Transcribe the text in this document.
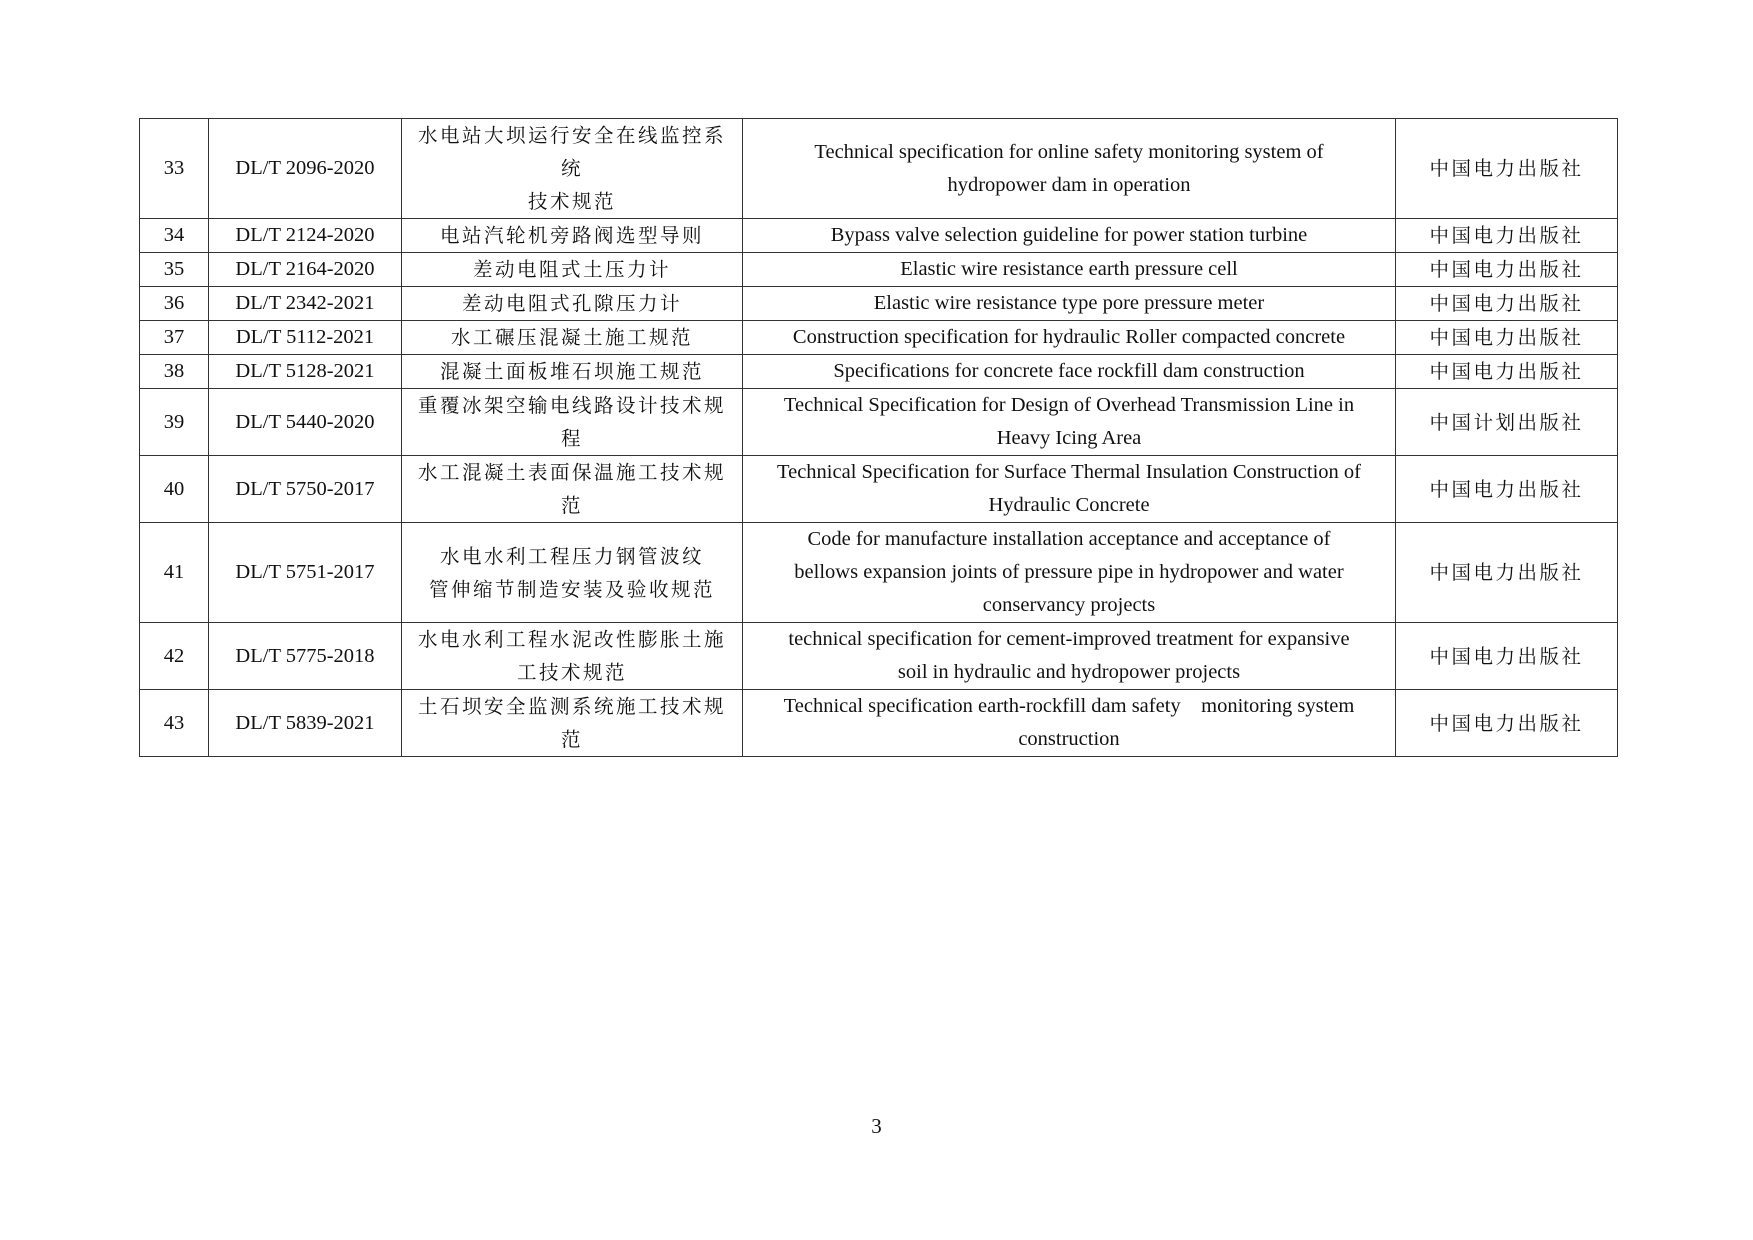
33	DL/T 2096-2020	水电站大坝运行安全在线监控系统
技术规范	Technical specification for online safety monitoring system of
hydropower dam in operation	中国电力出版社
34	DL/T 2124-2020	电站汽轮机旁路阀选型导则	Bypass valve selection guideline for power station turbine	中国电力出版社
35	DL/T 2164-2020	差动电阻式土压力计	Elastic wire resistance earth pressure cell	中国电力出版社
36	DL/T 2342-2021	差动电阻式孔隙压力计	Elastic wire resistance type pore pressure meter	中国电力出版社
37	DL/T 5112-2021	水工碾压混凝土施工规范	Construction specification for hydraulic Roller compacted concrete	中国电力出版社
38	DL/T 5128-2021	混凝土面板堆石坝施工规范	Specifications for concrete face rockfill dam construction	中国电力出版社
39	DL/T 5440-2020	重覆冰架空输电线路设计技术规
程	Technical Specification for Design of Overhead Transmission Line in
Heavy Icing Area	中国计划出版社
40	DL/T 5750-2017	水工混凝土表面保温施工技术规
范	Technical Specification for Surface Thermal Insulation Construction of
Hydraulic Concrete	中国电力出版社
41	DL/T 5751-2017	水电水利工程压力钢管波纹
管伸缩节制造安装及验收规范	Code for manufacture installation acceptance and acceptance of
bellows expansion joints of pressure pipe in hydropower and water
conservancy projects	中国电力出版社
42	DL/T 5775-2018	水电水利工程水泥改性膨胀土施
工技术规范	technical specification for cement-improved treatment for expansive
soil in hydraulic and hydropower projects	中国电力出版社
43	DL/T 5839-2021	土石坝安全监测系统施工技术规
范	Technical specification earth-rockfill dam safety    monitoring system
construction	中国电力出版社
3
